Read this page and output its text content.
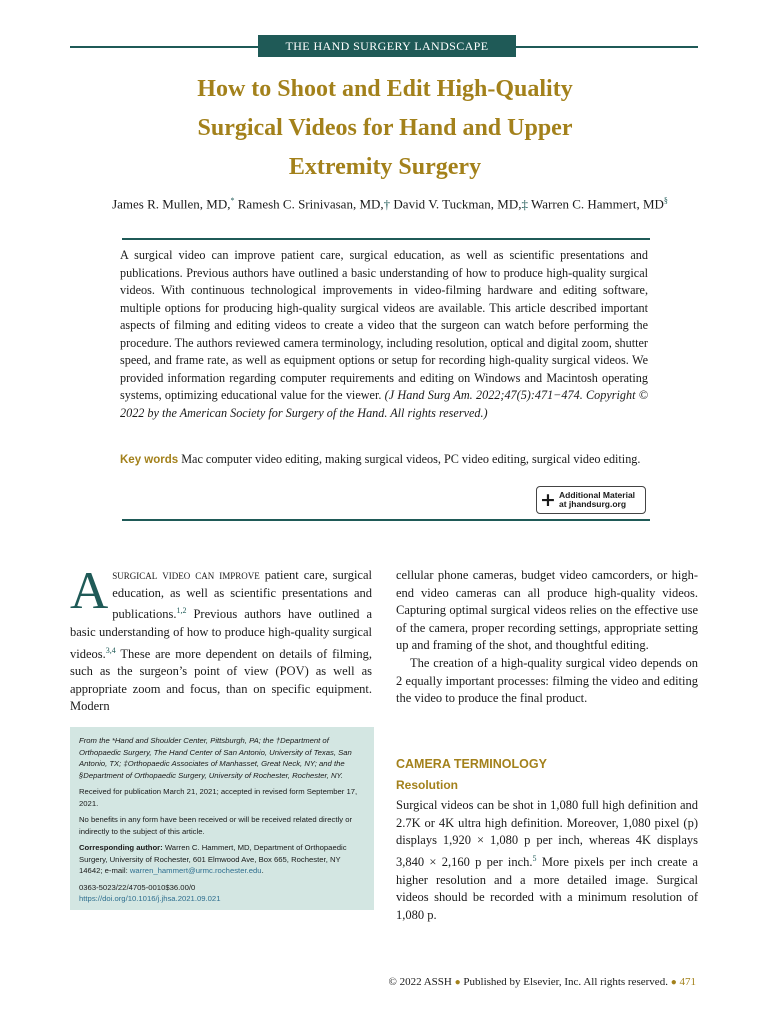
THE HAND SURGERY LANDSCAPE
How to Shoot and Edit High-Quality
Surgical Videos for Hand and Upper
Extremity Surgery
James R. Mullen, MD,* Ramesh C. Srinivasan, MD,† David V. Tuckman, MD,‡ Warren C. Hammert, MD§
A surgical video can improve patient care, surgical education, as well as scientific presentations and publications. Previous authors have outlined a basic understanding of how to produce high-quality surgical videos. With continuous technological improvements in video-filming hardware and editing software, multiple options for producing high-quality surgical videos are available. This article described important aspects of filming and editing videos to create a video that the surgeon can watch before performing the procedure. The authors reviewed camera terminology, including resolution, optical and digital zoom, shutter speed, and frame rate, as well as equipment options or setup for recording high-quality surgical videos. We provided information regarding computer requirements and editing on Windows and Macintosh operating systems, optimizing educational value for the viewer. (J Hand Surg Am. 2022;47(5):471−474. Copyright © 2022 by the American Society for Surgery of the Hand. All rights reserved.)
Key words Mac computer video editing, making surgical videos, PC video editing, surgical video editing.
+ Additional Material
at jhandsurg.org

Asurgical video can improve patient care, surgical education, as well as scientific presentations and publications.$^{1,2}$ Previous authors have outlined a basic understanding of how to produce high-quality surgical videos.$^{3,4}$ These are more dependent on details of filming, such as the surgeon’s point of view (POV) as well as appropriate zoom and focus, than on specific equipment. Modern

From the *Hand and Shoulder Center, Pittsburgh, PA; the †Department of Orthopaedic Surgery, The Hand Center of San Antonio, University of Texas, San Antonio, TX; ‡Orthopaedic Associates of Manhasset, Great Neck, NY; and the §Department of Orthopaedic Surgery, University of Rochester, Rochester, NY.

Received for publication March 21, 2021; accepted in revised form September 17, 2021.

No benefits in any form have been received or will be received related directly or indirectly to the subject of this article.

Corresponding author: Warren C. Hammert, MD, Department of Orthopaedic Surgery, University of Rochester, 601 Elmwood Ave, Box 665, Rochester, NY 14642; e-mail: warren_hammert@urmc.rochester.edu.

0363-5023/22/4705-0010$36.00/0
https://doi.org/10.1016/j.jhsa.2021.09.021

cellular phone cameras, budget video camcorders, or high-end video cameras can all produce high-quality videos. Capturing optimal surgical videos relies on the effective use of the camera, proper recording settings, appropriate setting up and framing of the shot, and thoughtful editing.

The creation of a high-quality surgical video depends on 2 equally important processes: filming the video and editing the video to produce the final product.

CAMERA TERMINOLOGY
Resolution

Surgical videos can be shot in 1,080 full high definition and 2.7K or 4K ultra high definition. Moreover, 1,080 pixel (p) displays 1,920 × 1,080 p per inch, whereas 4K displays 3,840 × 2,160 p per inch.$^5$ More pixels per inch create a higher resolution and a more detailed image. Surgical videos should be recorded with a minimum resolution of 1,080 p.

© 2022 ASSH ● Published by Elsevier, Inc. All rights reserved. ● 471
